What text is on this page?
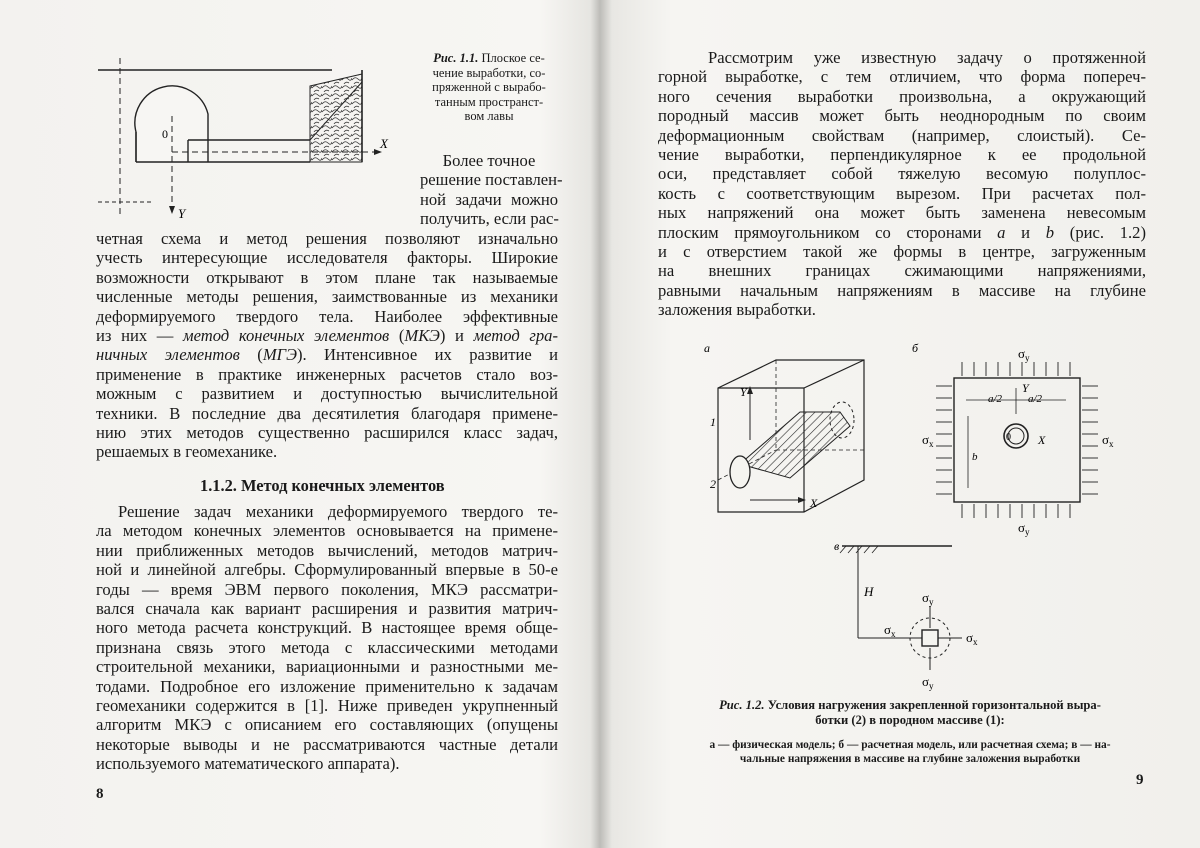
0
X
Y

Рис. 1.1. Плоское се-
чение выработки, со-
пряженной с вырабо-
танным пространст-
вом лавы

Более точное
решение поставлен-
ной задачи можно
получить, если рас-

четная схема и метод решения позволяют изначально
учесть интересующие исследователя факторы. Широкие
возможности открывают в этом плане так называемые
численные методы решения, заимствованные из механики
деформируемого твердого тела. Наиболее эффективные
из них — метод конечных элементов (МКЭ) и метод гра-
ничных элементов (МГЭ). Интенсивное их развитие и
применение в практике инженерных расчетов стало воз-
можным с развитием и доступностью вычислительной
техники. В последние два десятилетия благодаря примене-
нию этих методов существенно расширился класс задач,
решаемых в геомеханике.

1.1.2. Метод конечных элементов

Решение задач механики деформируемого твердого те-
ла методом конечных элементов основывается на примене-
нии приближенных методов вычислений, методов матрич-
ной и линейной алгебры. Сформулированный впервые в 50-е
годы — время ЭВМ первого поколения, МКЭ рассматри-
вался сначала как вариант расширения и развития матрич-
ного метода расчета конструкций. В настоящее время обще-
признана связь этого метода с классическими методами
строительной механики, вариационными и разностными ме-
тодами. Подробное его изложение применительно к задачам
геомеханики содержится в [1]. Ниже приведен укрупненный
алгоритм МКЭ с описанием его составляющих (опущены
некоторые выводы и не рассматриваются частные детали
используемого математического аппарата).

8

Рассмотрим уже известную задачу о протяженной
горной выработке, с тем отличием, что форма попереч-
ного сечения выработки произвольна, а окружающий
породный массив может быть неоднородным по своим
деформационным свойствам (например, слоистый). Се-
чение выработки, перпендикулярное к ее продольной
оси, представляет собой тяжелую весомую полуплос-
кость с соответствующим вырезом. При расчетах пол-
ных напряжений она может быть заменена невесомым
плоским прямоугольником со сторонами a и b (рис. 1.2)
и с отверстием такой же формы в центре, загруженным
на внешних границах сжимающими напряжениями,
равными начальным напряжениям в массиве на глубине
заложения выработки.

а
Y
X
1
2
б
a/2 a/2
b
0
Y
X
$\sigma_y$
$\sigma_y$
$\sigma_x$	$\sigma_x$
в
H	$\sigma_y$
$\sigma_y$
$\sigma_x$	$\sigma_x$

Рис. 1.2. Условия нагружения закрепленной горизонтальной выра-
ботки (2) в породном массиве (1):

а — физическая модель; б — расчетная модель, или расчетная схема; в — на-
чальные напряжения в массиве на глубине заложения выработки

9
